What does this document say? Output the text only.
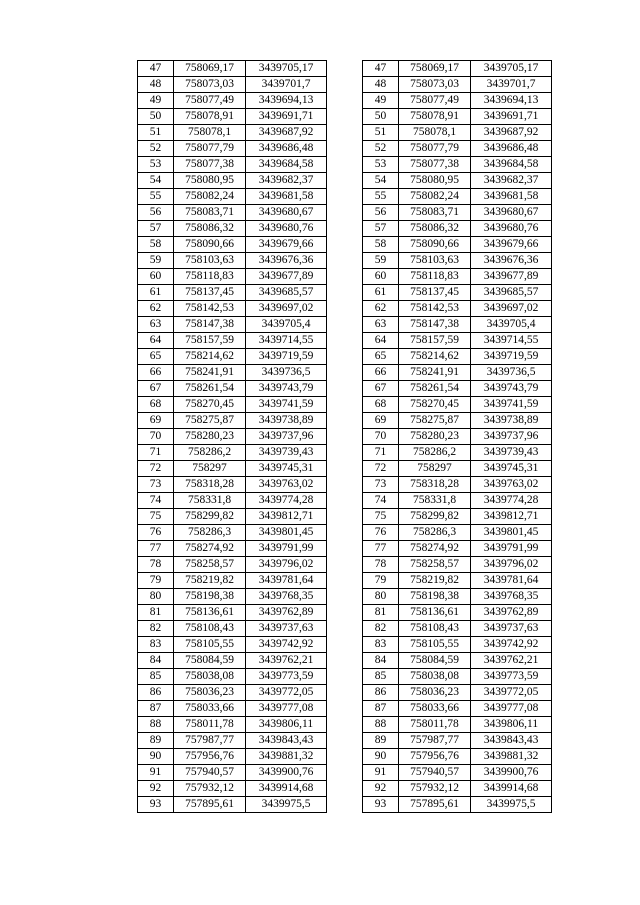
47	758069,17	3439705,17
48	758073,03	3439701,7
49	758077,49	3439694,13
50	758078,91	3439691,71
51	758078,1	3439687,92
52	758077,79	3439686,48
53	758077,38	3439684,58
54	758080,95	3439682,37
55	758082,24	3439681,58
56	758083,71	3439680,67
57	758086,32	3439680,76
58	758090,66	3439679,66
59	758103,63	3439676,36
60	758118,83	3439677,89
61	758137,45	3439685,57
62	758142,53	3439697,02
63	758147,38	3439705,4
64	758157,59	3439714,55
65	758214,62	3439719,59
66	758241,91	3439736,5
67	758261,54	3439743,79
68	758270,45	3439741,59
69	758275,87	3439738,89
70	758280,23	3439737,96
71	758286,2	3439739,43
72	758297	3439745,31
73	758318,28	3439763,02
74	758331,8	3439774,28
75	758299,82	3439812,71
76	758286,3	3439801,45
77	758274,92	3439791,99
78	758258,57	3439796,02
79	758219,82	3439781,64
80	758198,38	3439768,35
81	758136,61	3439762,89
82	758108,43	3439737,63
83	758105,55	3439742,92
84	758084,59	3439762,21
85	758038,08	3439773,59
86	758036,23	3439772,05
87	758033,66	3439777,08
88	758011,78	3439806,11
89	757987,77	3439843,43
90	757956,76	3439881,32
91	757940,57	3439900,76
92	757932,12	3439914,68
93	757895,61	3439975,5
47	758069,17	3439705,17
48	758073,03	3439701,7
49	758077,49	3439694,13
50	758078,91	3439691,71
51	758078,1	3439687,92
52	758077,79	3439686,48
53	758077,38	3439684,58
54	758080,95	3439682,37
55	758082,24	3439681,58
56	758083,71	3439680,67
57	758086,32	3439680,76
58	758090,66	3439679,66
59	758103,63	3439676,36
60	758118,83	3439677,89
61	758137,45	3439685,57
62	758142,53	3439697,02
63	758147,38	3439705,4
64	758157,59	3439714,55
65	758214,62	3439719,59
66	758241,91	3439736,5
67	758261,54	3439743,79
68	758270,45	3439741,59
69	758275,87	3439738,89
70	758280,23	3439737,96
71	758286,2	3439739,43
72	758297	3439745,31
73	758318,28	3439763,02
74	758331,8	3439774,28
75	758299,82	3439812,71
76	758286,3	3439801,45
77	758274,92	3439791,99
78	758258,57	3439796,02
79	758219,82	3439781,64
80	758198,38	3439768,35
81	758136,61	3439762,89
82	758108,43	3439737,63
83	758105,55	3439742,92
84	758084,59	3439762,21
85	758038,08	3439773,59
86	758036,23	3439772,05
87	758033,66	3439777,08
88	758011,78	3439806,11
89	757987,77	3439843,43
90	757956,76	3439881,32
91	757940,57	3439900,76
92	757932,12	3439914,68
93	757895,61	3439975,5
